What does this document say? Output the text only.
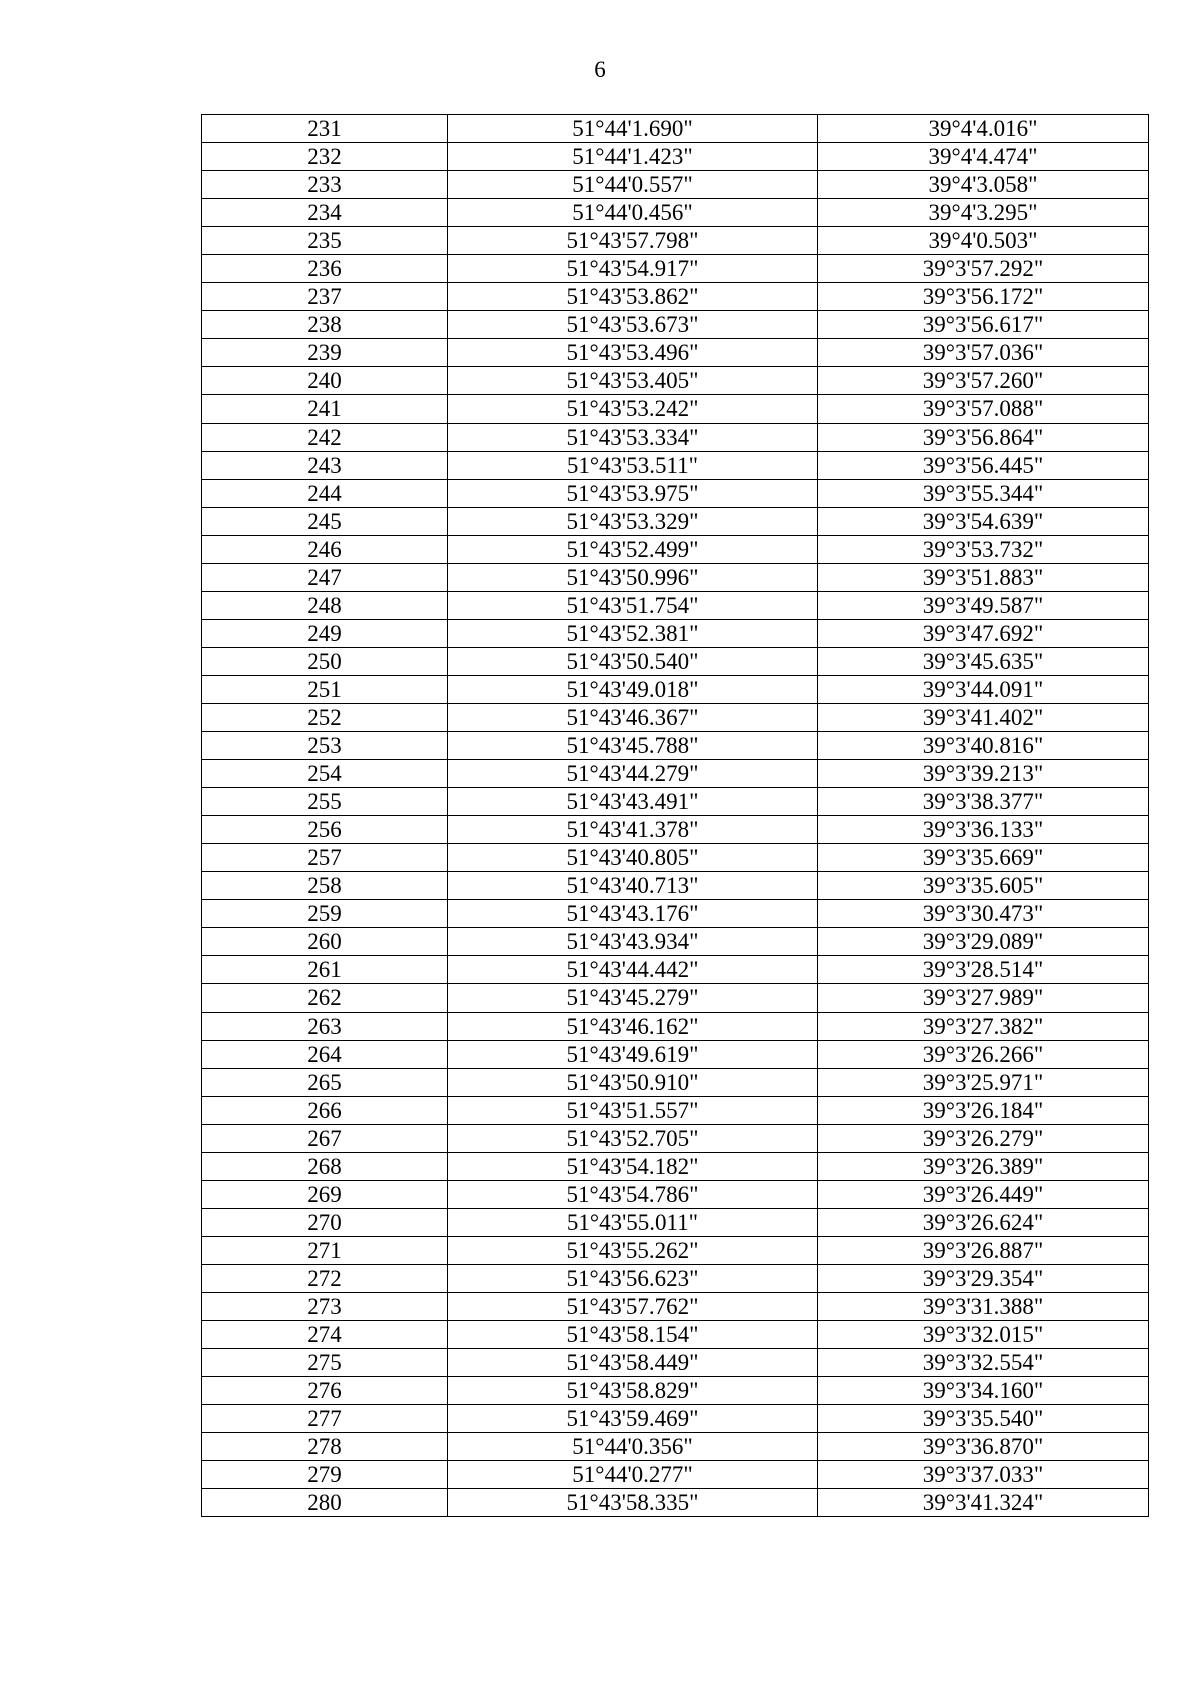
6
231	51°44'1.690"	39°4'4.016"
232	51°44'1.423"	39°4'4.474"
233	51°44'0.557"	39°4'3.058"
234	51°44'0.456"	39°4'3.295"
235	51°43'57.798"	39°4'0.503"
236	51°43'54.917"	39°3'57.292"
237	51°43'53.862"	39°3'56.172"
238	51°43'53.673"	39°3'56.617"
239	51°43'53.496"	39°3'57.036"
240	51°43'53.405"	39°3'57.260"
241	51°43'53.242"	39°3'57.088"
242	51°43'53.334"	39°3'56.864"
243	51°43'53.511"	39°3'56.445"
244	51°43'53.975"	39°3'55.344"
245	51°43'53.329"	39°3'54.639"
246	51°43'52.499"	39°3'53.732"
247	51°43'50.996"	39°3'51.883"
248	51°43'51.754"	39°3'49.587"
249	51°43'52.381"	39°3'47.692"
250	51°43'50.540"	39°3'45.635"
251	51°43'49.018"	39°3'44.091"
252	51°43'46.367"	39°3'41.402"
253	51°43'45.788"	39°3'40.816"
254	51°43'44.279"	39°3'39.213"
255	51°43'43.491"	39°3'38.377"
256	51°43'41.378"	39°3'36.133"
257	51°43'40.805"	39°3'35.669"
258	51°43'40.713"	39°3'35.605"
259	51°43'43.176"	39°3'30.473"
260	51°43'43.934"	39°3'29.089"
261	51°43'44.442"	39°3'28.514"
262	51°43'45.279"	39°3'27.989"
263	51°43'46.162"	39°3'27.382"
264	51°43'49.619"	39°3'26.266"
265	51°43'50.910"	39°3'25.971"
266	51°43'51.557"	39°3'26.184"
267	51°43'52.705"	39°3'26.279"
268	51°43'54.182"	39°3'26.389"
269	51°43'54.786"	39°3'26.449"
270	51°43'55.011"	39°3'26.624"
271	51°43'55.262"	39°3'26.887"
272	51°43'56.623"	39°3'29.354"
273	51°43'57.762"	39°3'31.388"
274	51°43'58.154"	39°3'32.015"
275	51°43'58.449"	39°3'32.554"
276	51°43'58.829"	39°3'34.160"
277	51°43'59.469"	39°3'35.540"
278	51°44'0.356"	39°3'36.870"
279	51°44'0.277"	39°3'37.033"
280	51°43'58.335"	39°3'41.324"
